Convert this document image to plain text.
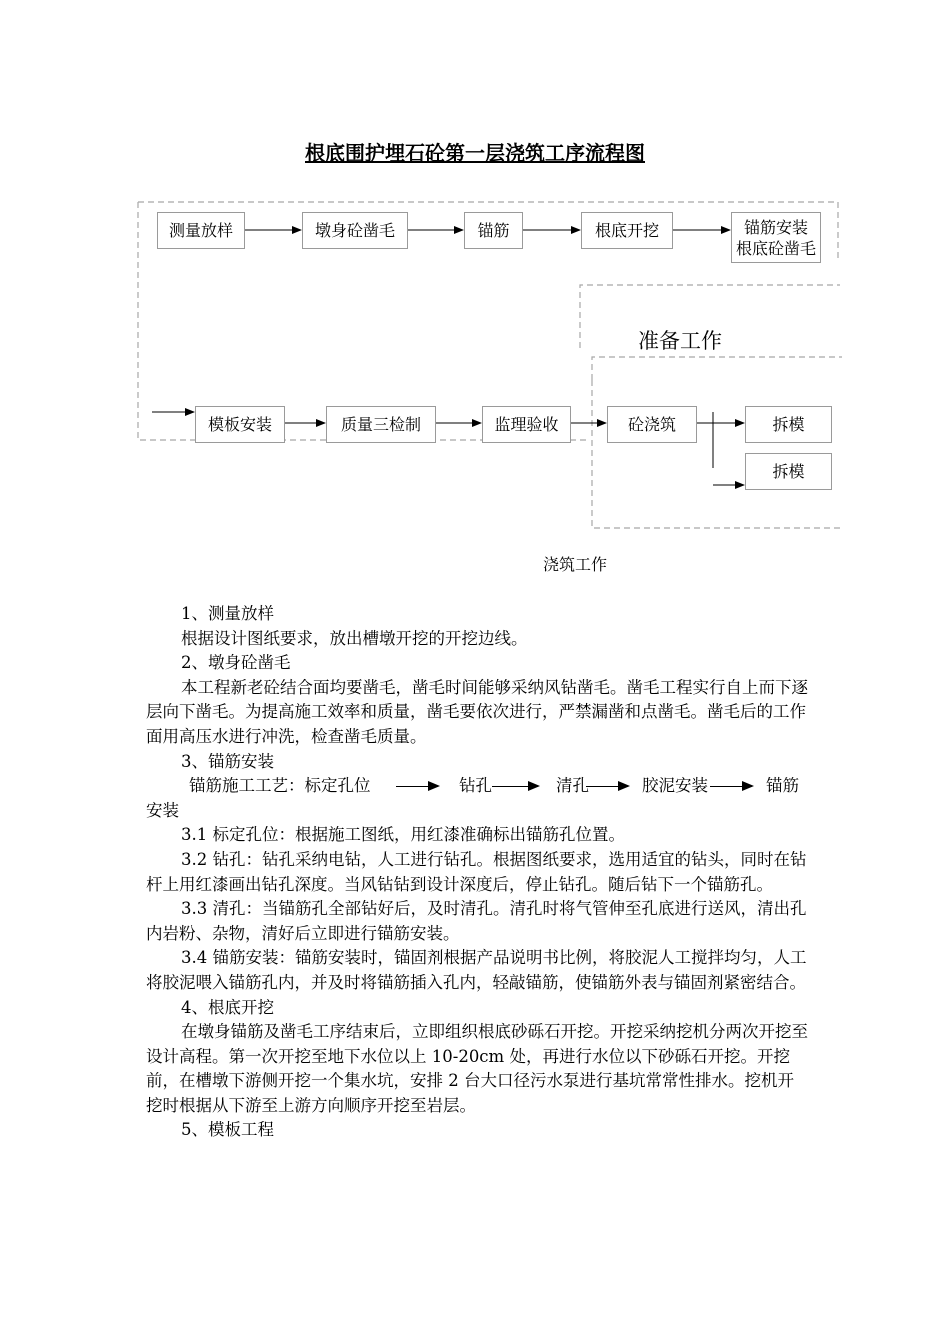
根底围护埋石砼第一层浇筑工序流程图
测量放样	墩身砼凿毛	锚筋	根底开挖	锚筋安装
根底砼凿毛
准备工作
模板安装	质量三检制	监理验收	砼浇筑	拆模
拆模
浇筑工作

1、测量放样

根据设计图纸要求，放出槽墩开挖的开挖边线。

2、墩身砼凿毛

本工程新老砼结合面均要凿毛，凿毛时间能够采纳风钻凿毛。凿毛工程实行自上而下逐层向下凿毛。为提高施工效率和质量，凿毛要依次进行，严禁漏凿和点凿毛。凿毛后的工作面用高压水进行冲洗，检查凿毛质量。

3、锚筋安装

锚筋施工工艺：标定孔位	钻孔	清孔	胶泥安装	锚筋

安装

3.1 标定孔位：根据施工图纸，用红漆准确标出锚筋孔位置。

3.2 钻孔：钻孔采纳电钻，人工进行钻孔。根据图纸要求，选用适宜的钻头，同时在钻杆上用红漆画出钻孔深度。当风钻钻到设计深度后，停止钻孔。随后钻下一个锚筋孔。

3.3 清孔：当锚筋孔全部钻好后，及时清孔。清孔时将气管伸至孔底进行送风，清出孔内岩粉、杂物，清好后立即进行锚筋安装。

3.4 锚筋安装：锚筋安装时，锚固剂根据产品说明书比例，将胶泥人工搅拌均匀，人工将胶泥喂入锚筋孔内，并及时将锚筋插入孔内，轻敲锚筋，使锚筋外表与锚固剂紧密结合。

4、根底开挖

在墩身锚筋及凿毛工序结束后，立即组织根底砂砾石开挖。开挖采纳挖机分两次开挖至设计高程。第一次开挖至地下水位以上 10-20cm 处，再进行水位以下砂砾石开挖。开挖前，在槽墩下游侧开挖一个集水坑，安排 2 台大口径污水泵进行基坑常常性排水。挖机开挖时根据从下游至上游方向顺序开挖至岩层。

5、模板工程
